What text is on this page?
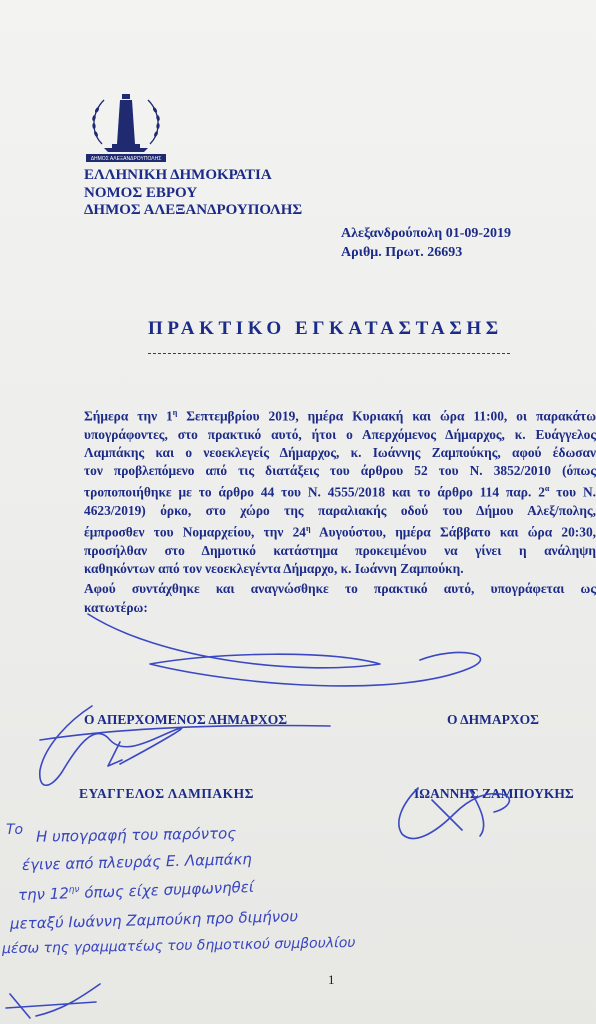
ΔΗΜΟΣ ΑΛΕΞΑΝΔΡΟΥΠΟΛΗΣ
ΕΛΛΗΝΙΚΗ ΔΗΜΟΚΡΑΤΙΑ
ΝΟΜΟΣ ΕΒΡΟΥ
ΔΗΜΟΣ ΑΛΕΞΑΝΔΡΟΥΠΟΛΗΣ
Αλεξανδρούπολη 01-09-2019
Αριθμ. Πρωτ. 26693
ΠΡΑΚΤΙΚΟ ΕΓΚΑΤΑΣΤΑΣΗΣ
Σήμερα την $1^\eta$ Σεπτεμβρίου 2019, ημέρα Κυριακή και ώρα 11:00, οι παρακάτω
υπογράφοντες, στο πρακτικό αυτό, ήτοι ο Απερχόμενος Δήμαρχος, κ. Ευάγγελος
Λαμπάκης και ο νεοεκλεγείς Δήμαρχος, κ. Ιωάννης Ζαμπούκης, αφού έδωσαν
τον προβλεπόμενο από τις διατάξεις του άρθρου 52 του Ν. 3852/2010 (όπως
τροποποιήθηκε με το άρθρο 44 του Ν. 4555/2018 και το άρθρο 114 παρ. $2^\alpha$ του Ν.
4623/2019) όρκο, στο χώρο της παραλιακής οδού του Δήμου Αλεξ/πολης,
έμπροσθεν του Νομαρχείου, την $24^\eta$ Αυγούστου, ημέρα Σάββατο και ώρα 20:30,
προσήλθαν στο Δημοτικό κατάστημα προκειμένου να γίνει η ανάληψη
καθηκόντων από τον νεοεκλεγέντα Δήμαρχο, κ. Ιωάννη Ζαμπούκη.
Αφού συντάχθηκε και αναγνώσθηκε το πρακτικό αυτό, υπογράφεται ως
κατωτέρω:
Ο ΑΠΕΡΧΟΜΕΝΟΣ ΔΗΜΑΡΧΟΣ	Ο ΔΗΜΑΡΧΟΣ
ΕΥΑΓΓΕΛΟΣ ΛΑΜΠΑΚΗΣ	ΙΩΑΝΝΗΣ ΖΑΜΠΟΥΚΗΣ
Το Η υπογραφή του παρόντος
έγινε από πλευράς Ε. Λαμπάκη
την $12^{\eta\nu}$ όπως είχε συμφωνηθεί
μεταξύ Ιωάννη Ζαμπούκη προ διμήνου
μέσω της γραμματέως του δημοτικού συμβουλίου
1
